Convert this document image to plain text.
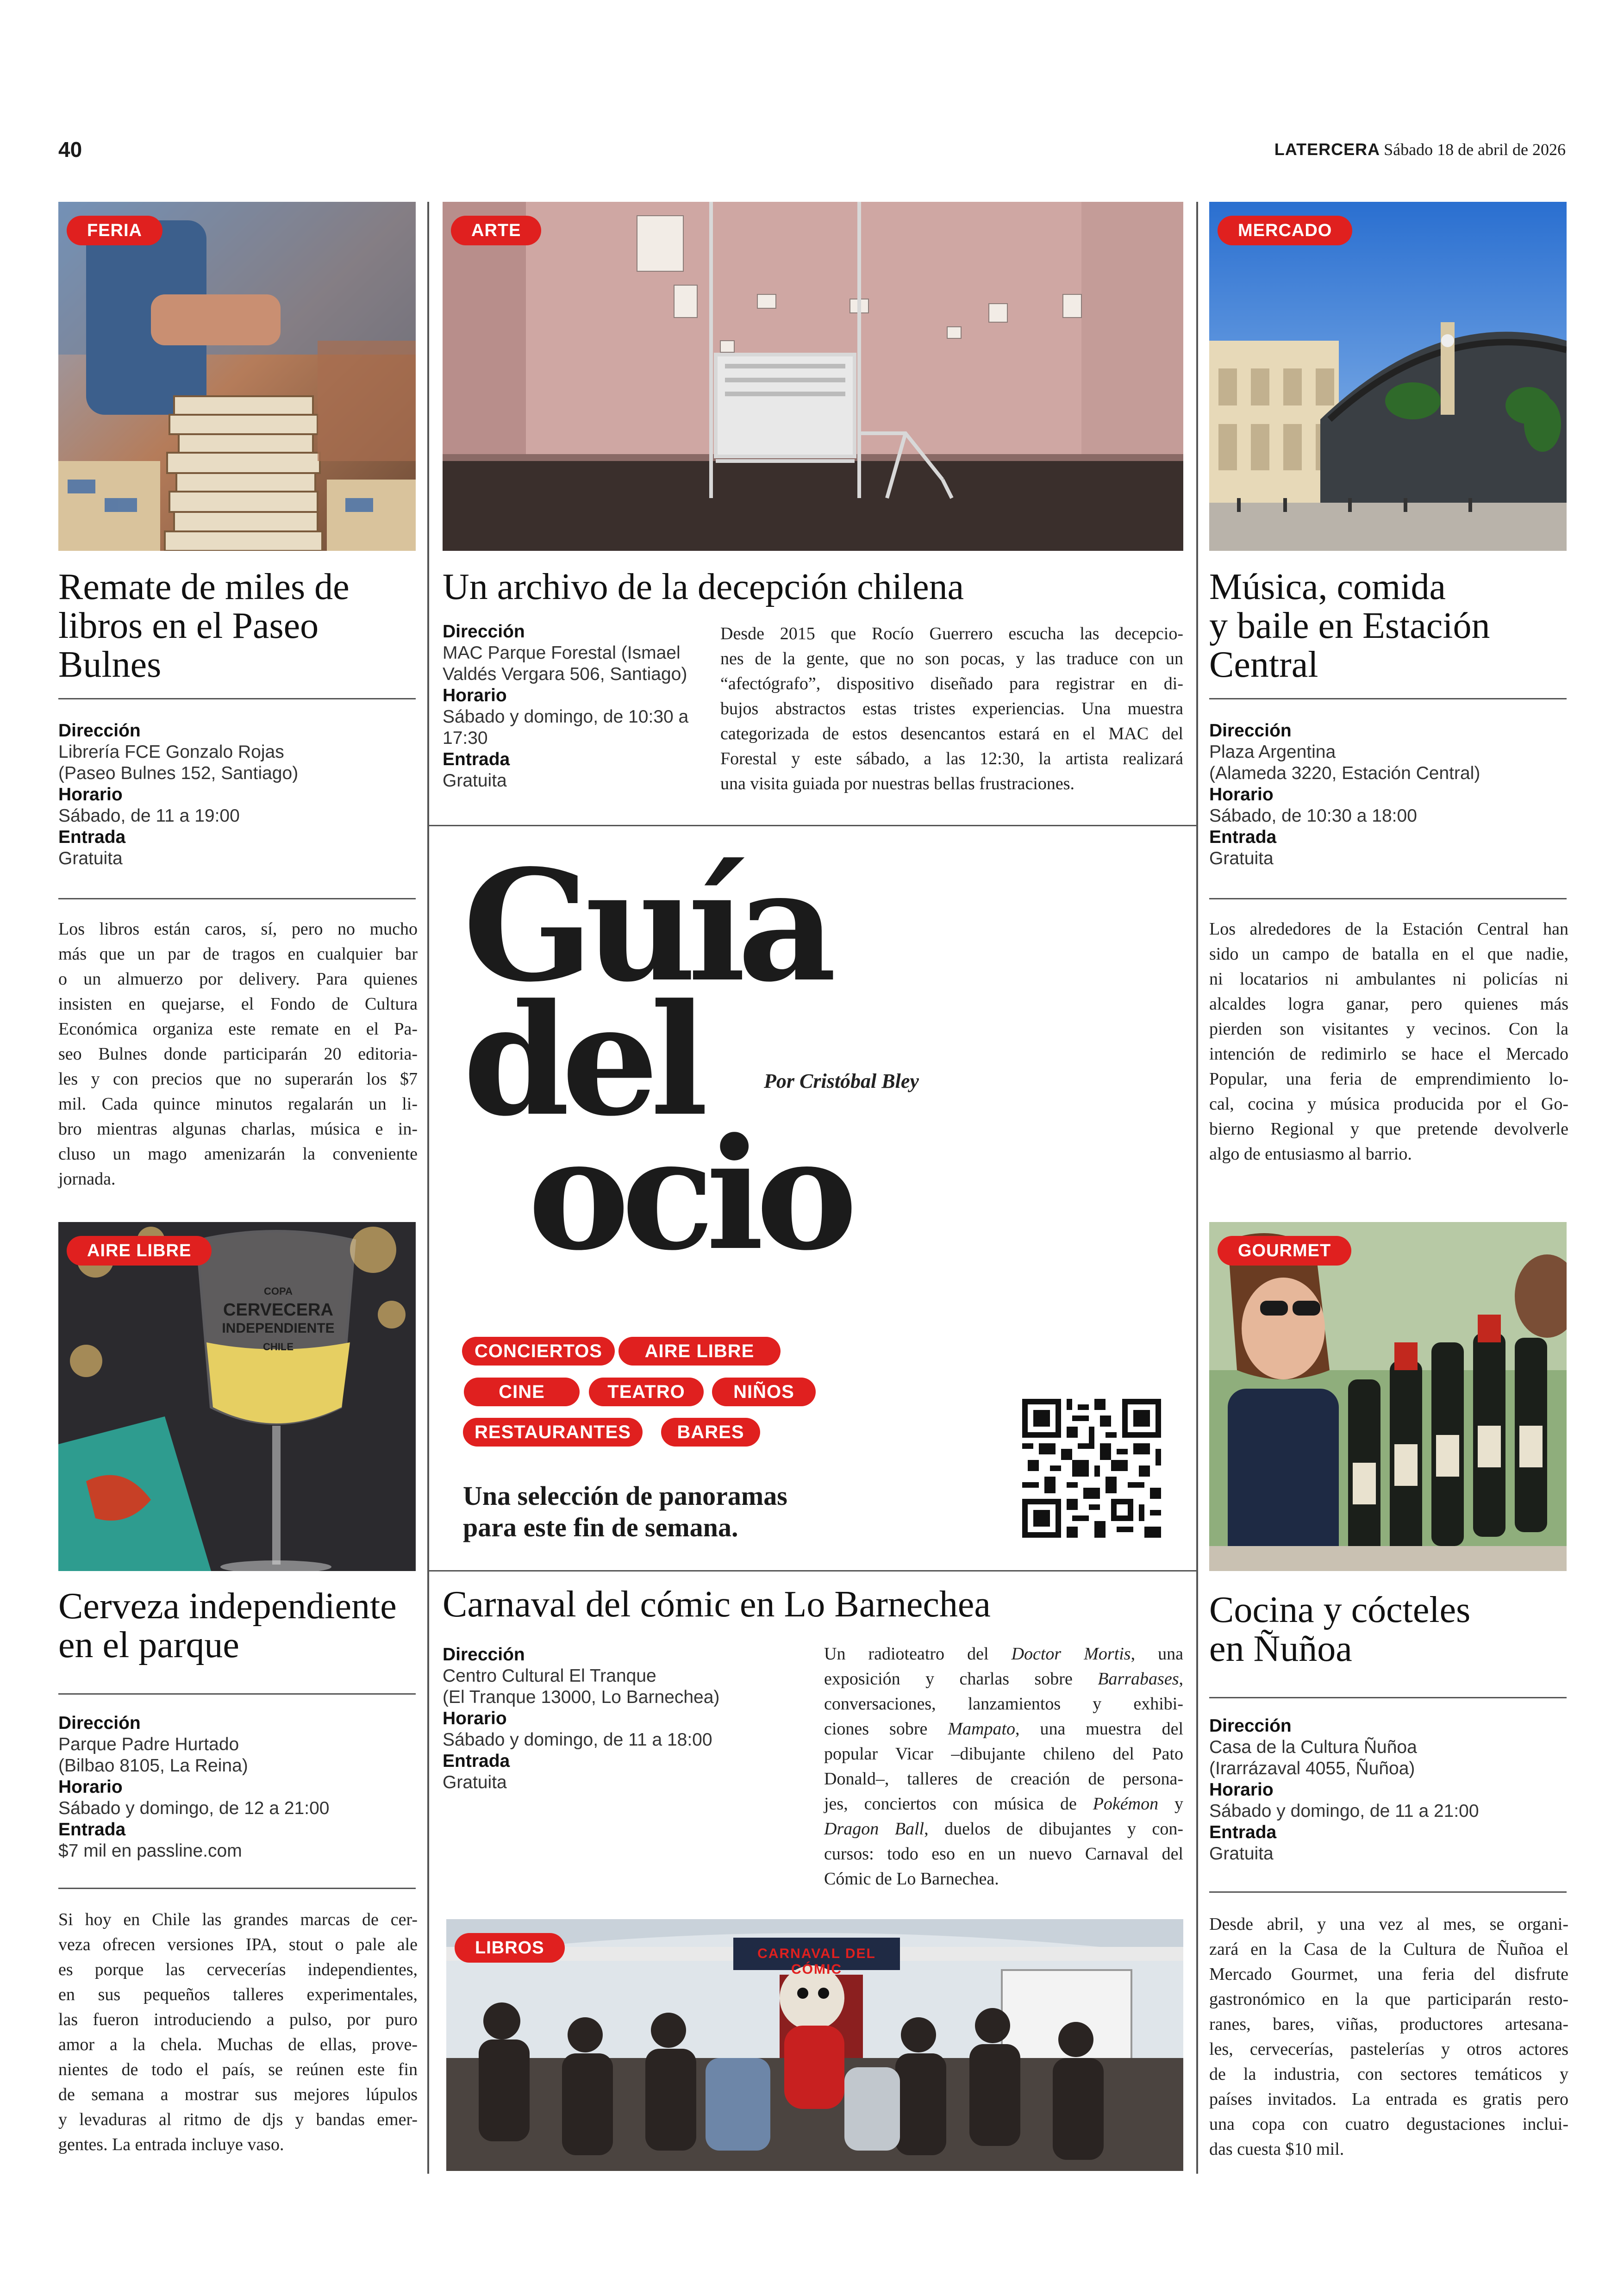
40	LATERCERA Sábado 18 de abril de 2026
FERIA
Remate de miles de
libros en el Paseo
Bulnes
Dirección
Librería FCE Gonzalo Rojas
(Paseo Bulnes 152, Santiago)
Horario
Sábado, de 11 a 19:00
Entrada
Gratuita
Los libros están caros, sí, pero no mucho
más que un par de tragos en cualquier bar
o un almuerzo por delivery. Para quienes
insisten en quejarse, el Fondo de Cultura
Económica organiza este remate en el Pa-
seo Bulnes donde participarán 20 editoria-
les y con precios que no superarán los $7
mil. Cada quince minutos regalarán un li-
bro mientras algunas charlas, música e in-
cluso un mago amenizarán la conveniente
jornada.
ARTE
Un archivo de la decepción chilena
Dirección
MAC Parque Forestal (Ismael
Valdés Vergara 506, Santiago)
Horario
Sábado y domingo, de 10:30 a
17:30
Entrada
Gratuita
Desde 2015 que Rocío Guerrero escucha las decepcio-
nes de la gente, que no son pocas, y las traduce con un
“afectógrafo”, dispositivo diseñado para registrar en di-
bujos abstractos estas tristes experiencias. Una muestra
categorizada de estos desencantos estará en el MAC del
Forestal y este sábado, a las 12:30, la artista realizará
una visita guiada por nuestras bellas frustraciones.
MERCADO
Música, comida
y baile en Estación
Central
Dirección
Plaza Argentina
(Alameda 3220, Estación Central)
Horario
Sábado, de 10:30 a 18:00
Entrada
Gratuita
Los alrededores de la Estación Central han
sido un campo de batalla en el que nadie,
ni locatarios ni ambulantes ni policías ni
alcaldes logra ganar, pero quienes más
pierden son visitantes y vecinos. Con la
intención de redimirlo se hace el Mercado
Popular, una feria de emprendimiento lo-
cal, cocina y música producida por el Go-
bierno Regional y que pretende devolverle
algo de entusiasmo al barrio.
Guía
del
ocio
Por Cristóbal Bley
CONCIERTOS	AIRE LIBRE
CINE	TEATRO	NIÑOS
RESTAURANTES	BARES
Una selección de panoramas
para este fin de semana.
COPA
CERVECERA
INDEPENDIENTE
CHILE
AIRE LIBRE
Cerveza independiente
en el parque
Dirección
Parque Padre Hurtado
(Bilbao 8105, La Reina)
Horario
Sábado y domingo, de 12 a 21:00
Entrada
$7 mil en passline.com
Si hoy en Chile las grandes marcas de cer-
veza ofrecen versiones IPA, stout o pale ale
es porque las cervecerías independientes,
en sus pequeños talleres experimentales,
las fueron introduciendo a pulso, por puro
amor a la chela. Muchas de ellas, prove-
nientes de todo el país, se reúnen este fin
de semana a mostrar sus mejores lúpulos
y levaduras al ritmo de djs y bandas emer-
gentes. La entrada incluye vaso.
Carnaval del cómic en Lo Barnechea
Dirección
Centro Cultural El Tranque
(El Tranque 13000, Lo Barnechea)
Horario
Sábado y domingo, de 11 a 18:00
Entrada
Gratuita
Un radioteatro del Doctor Mortis, una
exposición y charlas sobre Barrabases,
conversaciones, lanzamientos y exhibi-
ciones sobre Mampato, una muestra del
popular Vicar –dibujante chileno del Pato
Donald–, talleres de creación de persona-
jes, conciertos con música de Pokémon y
Dragon Ball, duelos de dibujantes y con-
cursos: todo eso en un nuevo Carnaval del
Cómic de Lo Barnechea.
CARNAVAL DEL CÓMIC
LIBROS
GOURMET
Cocina y cócteles
en Ñuñoa
Dirección
Casa de la Cultura Ñuñoa
(Irarrázaval 4055, Ñuñoa)
Horario
Sábado y domingo, de 11 a 21:00
Entrada
Gratuita
Desde abril, y una vez al mes, se organi-
zará en la Casa de la Cultura de Ñuñoa el
Mercado Gourmet, una feria del disfrute
gastronómico en la que participarán resto-
ranes, bares, viñas, productores artesana-
les, cervecerías, pastelerías y otros actores
de la industria, con sectores temáticos y
países invitados. La entrada es gratis pero
una copa con cuatro degustaciones inclui-
das cuesta $10 mil.
